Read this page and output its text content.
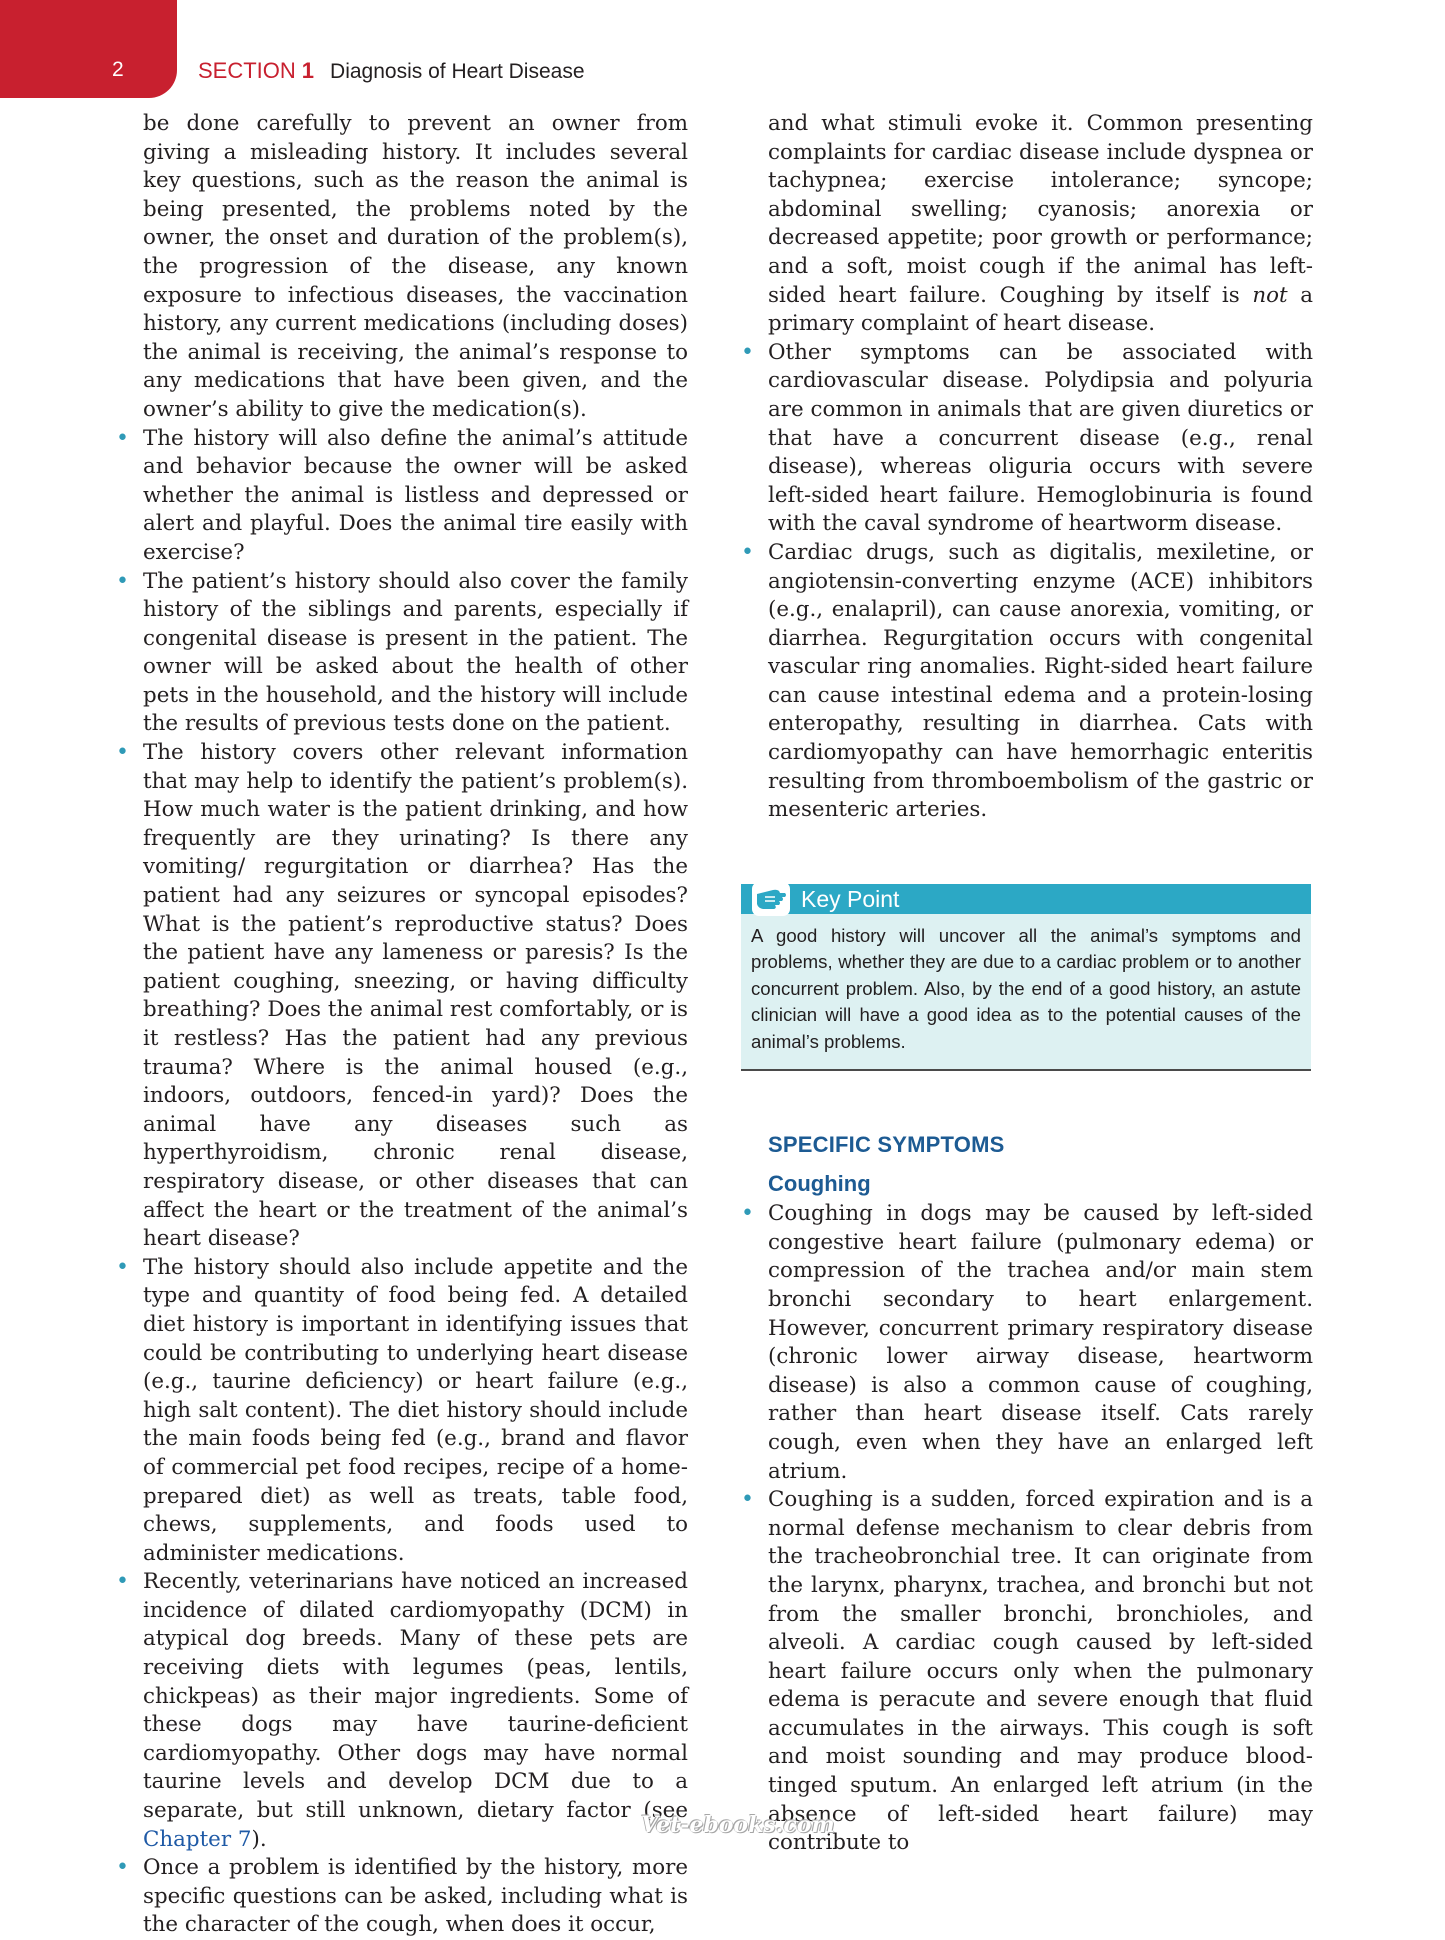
2	SECTION 1 Diagnosis of Heart Disease

be done carefully to prevent an owner from giving a misleading history. It includes several key questions, such as the reason the animal is being presented, the problems noted by the owner, the onset and duration of the problem(s), the progression of the disease, any known exposure to infectious diseases, the vaccination history, any current medications (including doses) the animal is receiving, the animal’s response to any medications that have been given, and the owner’s ability to give the medication(s).

• The history will also define the animal’s attitude and behavior because the owner will be asked whether the animal is listless and depressed or alert and playful. Does the animal tire easily with exercise?
• The patient’s history should also cover the family history of the siblings and parents, especially if congenital disease is present in the patient. The owner will be asked about the health of other pets in the household, and the history will include the results of previous tests done on the patient.
• The history covers other relevant information that may help to identify the patient’s problem(s). How much water is the patient drinking, and how frequently are they urinating? Is there any vomiting/ regurgitation or diarrhea? Has the patient had any seizures or syncopal episodes? What is the patient’s reproductive status? Does the patient have any lameness or paresis? Is the patient coughing, sneezing, or having difficulty breathing? Does the animal rest comfortably, or is it restless? Has the patient had any previous trauma? Where is the animal housed (e.g., indoors, outdoors, fenced-in yard)? Does the animal have any diseases such as hyperthyroidism, chronic renal disease, respiratory disease, or other diseases that can affect the heart or the treatment of the animal’s heart disease?
• The history should also include appetite and the type and quantity of food being fed. A detailed diet history is important in identifying issues that could be contributing to underlying heart disease (e.g., taurine deficiency) or heart failure (e.g., high salt content). The diet history should include the main foods being fed (e.g., brand and flavor of commercial pet food recipes, recipe of a home-prepared diet) as well as treats, table food, chews, supplements, and foods used to administer medications.
• Recently, veterinarians have noticed an increased incidence of dilated cardiomyopathy (DCM) in atypical dog breeds. Many of these pets are receiving diets with legumes (peas, lentils, chickpeas) as their major ingredients. Some of these dogs may have taurine-deficient cardiomyopathy. Other dogs may have normal taurine levels and develop DCM due to a separate, but still unknown, dietary factor (see Chapter 7).
• Once a problem is identified by the history, more specific questions can be asked, including what is the character of the cough, when does it occur,

and what stimuli evoke it. Common presenting complaints for cardiac disease include dyspnea or tachypnea; exercise intolerance; syncope; abdominal swelling; cyanosis; anorexia or decreased appetite; poor growth or performance; and a soft, moist cough if the animal has left-sided heart failure. Coughing by itself is not a primary complaint of heart disease.

• Other symptoms can be associated with cardiovascular disease. Polydipsia and polyuria are common in animals that are given diuretics or that have a concurrent disease (e.g., renal disease), whereas oliguria occurs with severe left-sided heart failure. Hemoglobinuria is found with the caval syndrome of heartworm disease.
• Cardiac drugs, such as digitalis, mexiletine, or angiotensin-converting enzyme (ACE) inhibitors (e.g., enalapril), can cause anorexia, vomiting, or diarrhea. Regurgitation occurs with congenital vascular ring anomalies. Right-sided heart failure can cause intestinal edema and a protein-losing enteropathy, resulting in diarrhea. Cats with cardiomyopathy can have hemorrhagic enteritis resulting from thromboembolism of the gastric or mesenteric arteries.
Key Point
A good history will uncover all the animal’s symptoms and problems, whether they are due to a cardiac problem or to another concurrent problem. Also, by the end of a good history, an astute clinician will have a good idea as to the potential causes of the animal’s problems.
SPECIFIC SYMPTOMS
Coughing
• Coughing in dogs may be caused by left-sided congestive heart failure (pulmonary edema) or compression of the trachea and/or main stem bronchi secondary to heart enlargement. However, concurrent primary respiratory disease (chronic lower airway disease, heartworm disease) is also a common cause of coughing, rather than heart disease itself. Cats rarely cough, even when they have an enlarged left atrium.
• Coughing is a sudden, forced expiration and is a normal defense mechanism to clear debris from the tracheobronchial tree. It can originate from the larynx, pharynx, trachea, and bronchi but not from the smaller bronchi, bronchioles, and alveoli. A cardiac cough caused by left-sided heart failure occurs only when the pulmonary edema is peracute and severe enough that fluid accumulates in the airways. This cough is soft and moist sounding and may produce blood-tinged sputum. An enlarged left atrium (in the absence of left-sided heart failure) may contribute to
Vet-ebooks.com
